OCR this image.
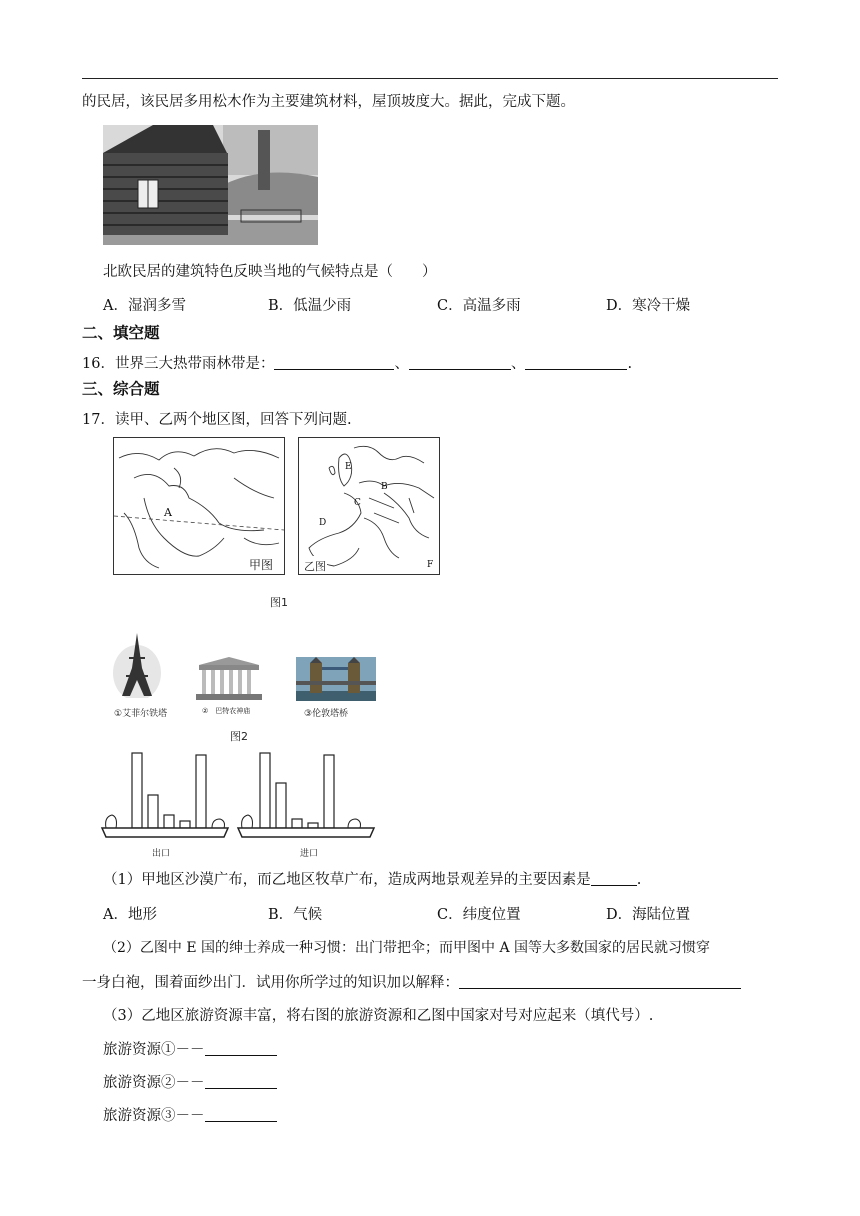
的民居，该民居多用松木作为主要建筑材料，屋顶坡度大。据此，完成下题。
北欧民居的建筑特色反映当地的气候特点是（　　）
A．湿润多雪	B．低温少雨	C．高温多雨	D．寒冷干燥
二、填空题
16．世界三大热带雨林带是：	、	、	.
三、综合题
17．读甲、乙两个地区图，回答下列问题.
A
甲图
E
B
C
D
F
乙图
图1
①艾菲尔铁塔	②　巴特农神庙	③伦敦塔桥
图2
出口	进口
（1）甲地区沙漠广布，而乙地区牧草广布，造成两地景观差异的主要因素是	.
A．地形	B．气候	C．纬度位置	D．海陆位置
（2）乙图中 E 国的绅士养成一种习惯：出门带把伞；而甲图中 A 国等大多数国家的居民就习惯穿
一身白袍，围着面纱出门．试用你所学过的知识加以解释：
（3）乙地区旅游资源丰富，将右图的旅游资源和乙图中国家对号对应起来（填代号）.
旅游资源①－－
旅游资源②－－
旅游资源③－－
